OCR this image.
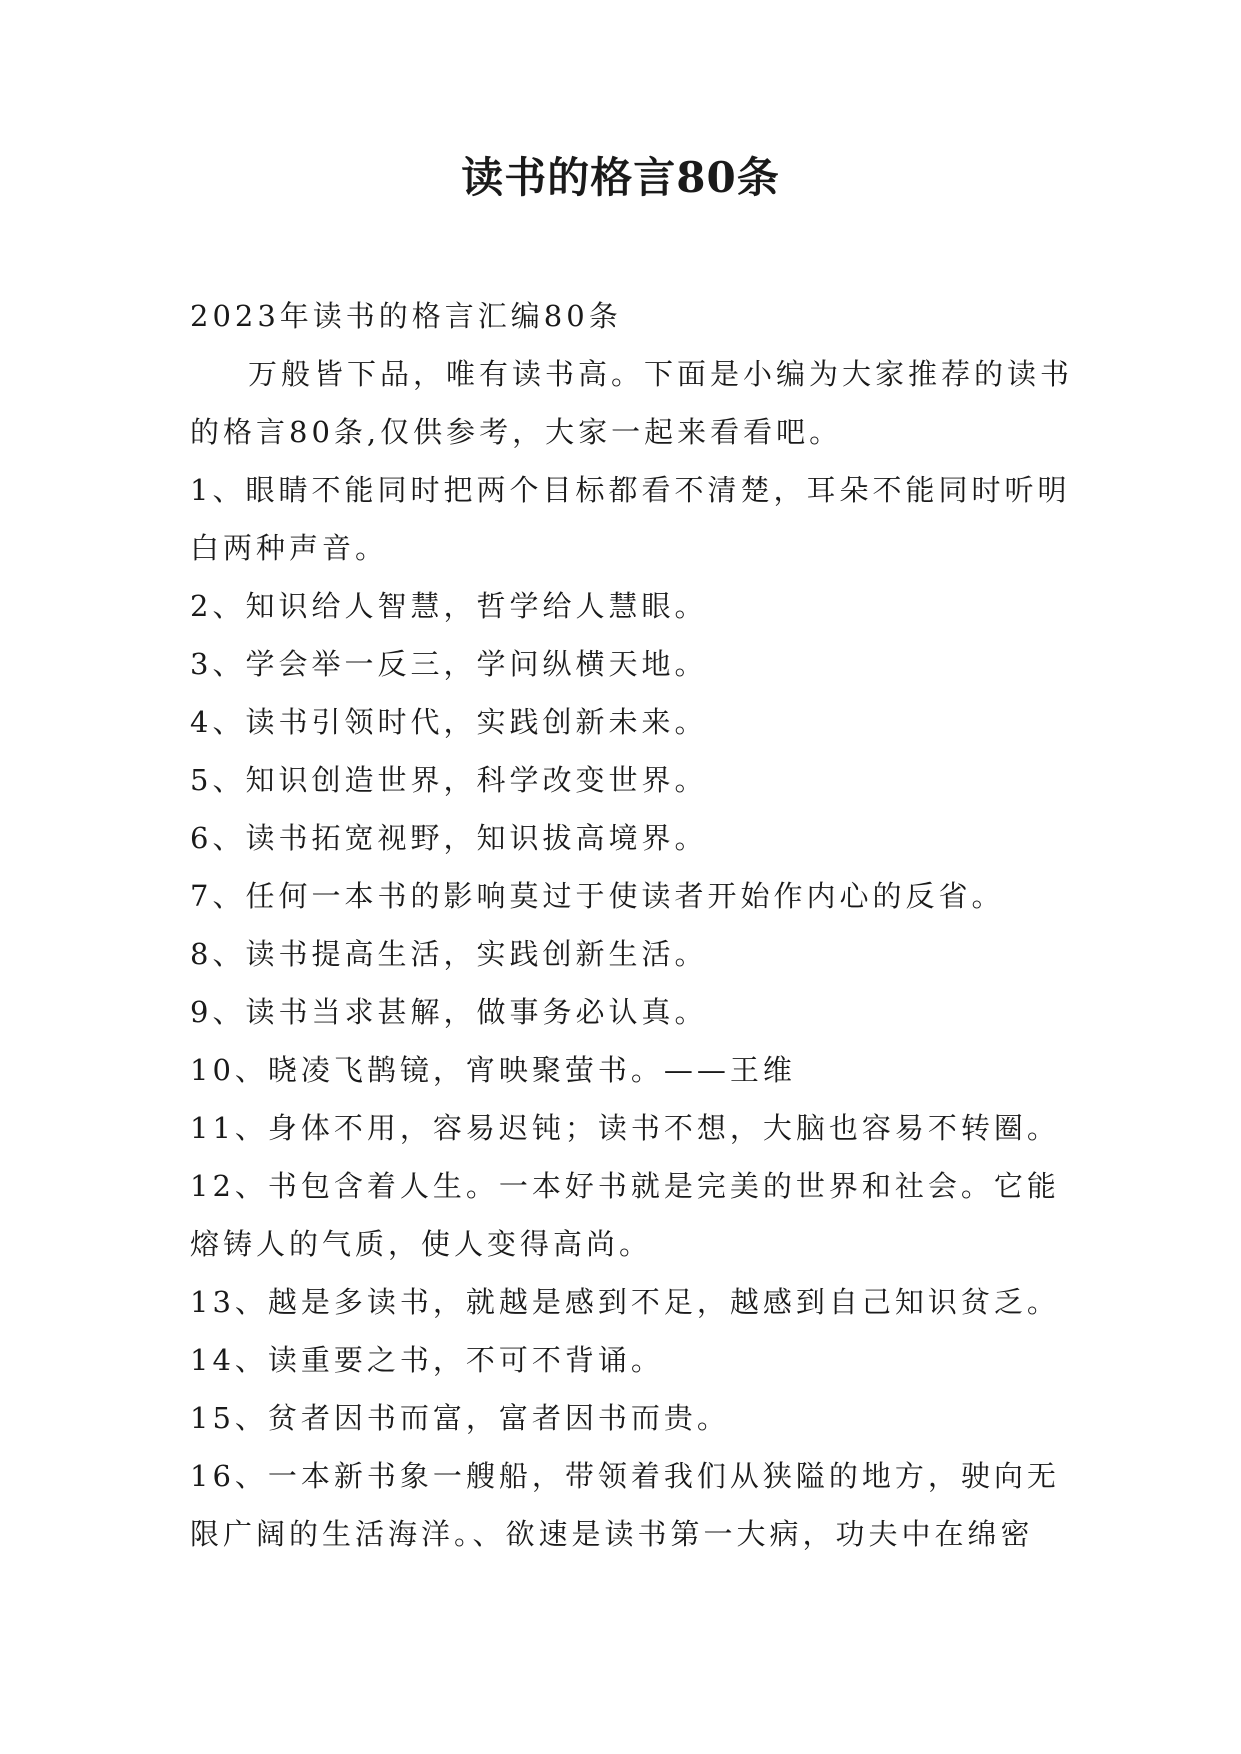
读书的格言80条

2023年读书的格言汇编80条

万般皆下品，唯有读书高。下面是小编为大家推荐的读书的格言80条,仅供参考，大家一起来看看吧。

1、眼睛不能同时把两个目标都看不清楚，耳朵不能同时听明白两种声音。

2、知识给人智慧，哲学给人慧眼。

3、学会举一反三，学问纵横天地。

4、读书引领时代，实践创新未来。

5、知识创造世界，科学改变世界。

6、读书拓宽视野，知识拔高境界。

7、任何一本书的影响莫过于使读者开始作内心的反省。

8、读书提高生活，实践创新生活。

9、读书当求甚解，做事务必认真。

10、晓凌飞鹊镜，宵映聚萤书。——王维

11、身体不用，容易迟钝；读书不想，大脑也容易不转圈。

12、书包含着人生。一本好书就是完美的世界和社会。它能熔铸人的气质，使人变得高尚。

13、越是多读书，就越是感到不足，越感到自己知识贫乏。

14、读重要之书，不可不背诵。

15、贫者因书而富，富者因书而贵。

16、一本新书象一艘船，带领着我们从狭隘的地方，驶向无限广阔的生活海洋。、欲速是读书第一大病，功夫中在绵密
